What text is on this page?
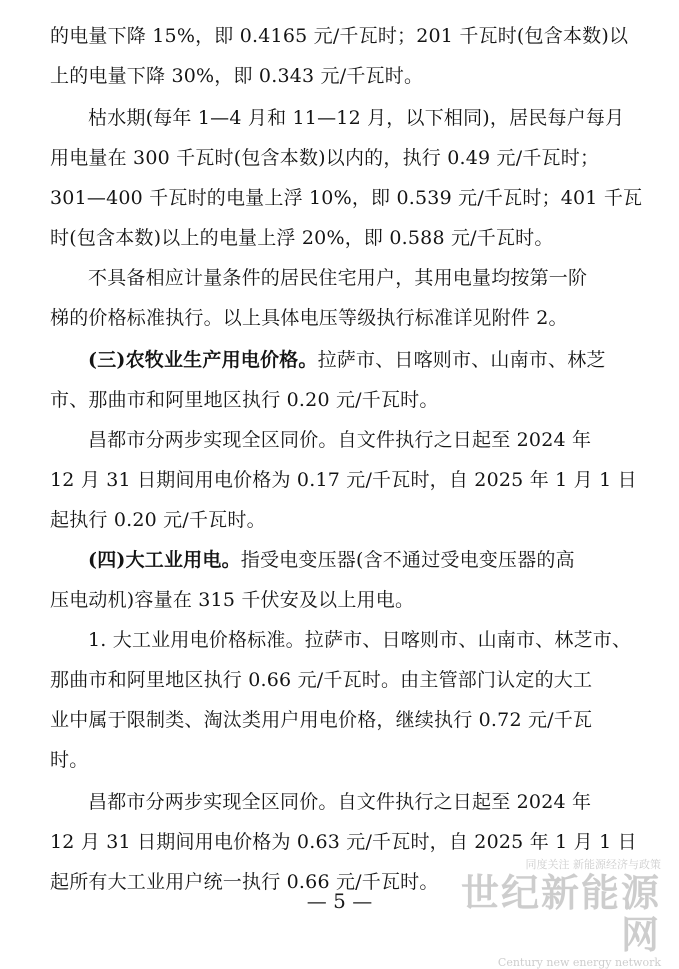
的电量下降 15%，即 0.4165 元/千瓦时；201 千瓦时(包含本数)以
上的电量下降 30%，即 0.343 元/千瓦时。
枯水期(每年 1—4 月和 11—12 月，以下相同)，居民每户每月
用电量在 300 千瓦时(包含本数)以内的，执行 0.49 元/千瓦时；
301—400 千瓦时的电量上浮 10%，即 0.539 元/千瓦时；401 千瓦
时(包含本数)以上的电量上浮 20%，即 0.588 元/千瓦时。
不具备相应计量条件的居民住宅用户，其用电量均按第一阶
梯的价格标准执行。以上具体电压等级执行标准详见附件 2。
(三)农牧业生产用电价格。拉萨市、日喀则市、山南市、林芝
市、那曲市和阿里地区执行 0.20 元/千瓦时。
昌都市分两步实现全区同价。自文件执行之日起至 2024 年
12 月 31 日期间用电价格为 0.17 元/千瓦时，自 2025 年 1 月 1 日
起执行 0.20 元/千瓦时。
(四)大工业用电。指受电变压器(含不通过受电变压器的高
压电动机)容量在 315 千伏安及以上用电。
1. 大工业用电价格标准。拉萨市、日喀则市、山南市、林芝市、
那曲市和阿里地区执行 0.66 元/千瓦时。由主管部门认定的大工
业中属于限制类、淘汰类用户用电价格，继续执行 0.72 元/千瓦
时。
昌都市分两步实现全区同价。自文件执行之日起至 2024 年
12 月 31 日期间用电价格为 0.63 元/千瓦时，自 2025 年 1 月 1 日
起所有大工业用户统一执行 0.66 元/千瓦时。
— 5 —
同度关注 新能源经济与政策
世纪新能源网
Century new energy network
